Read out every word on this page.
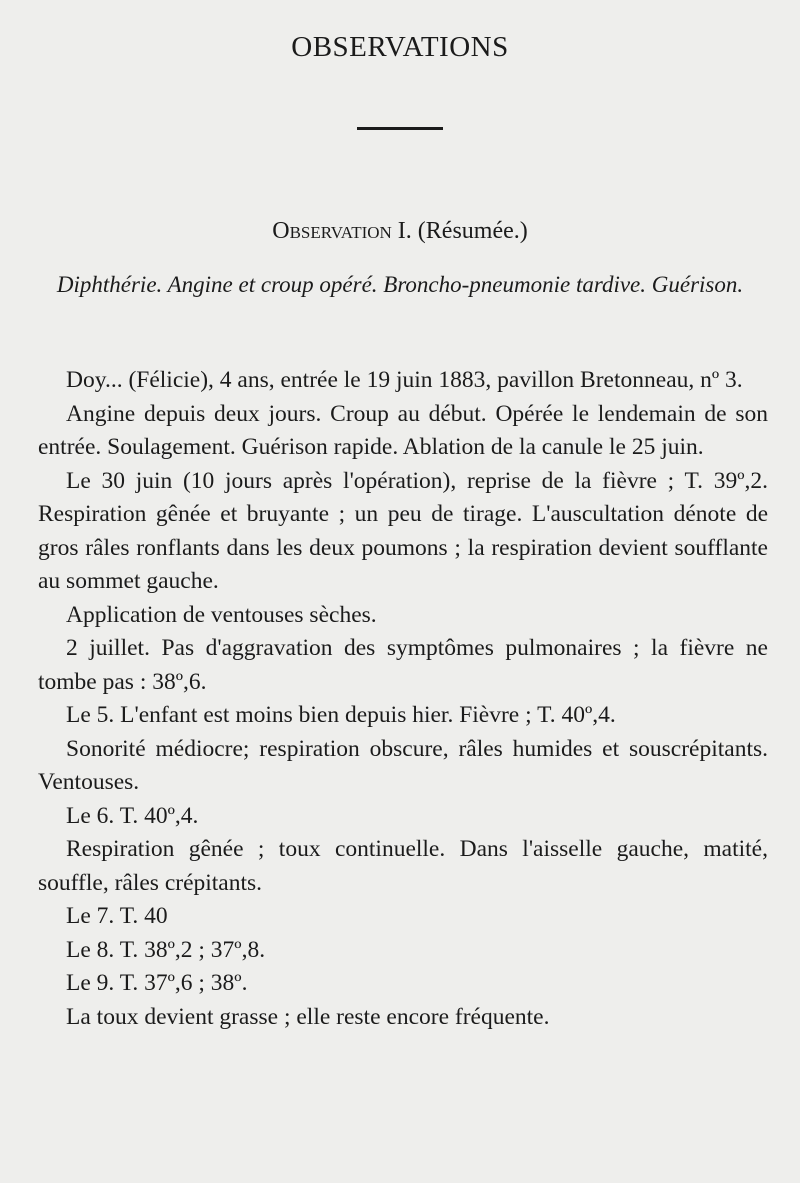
OBSERVATIONS
Observation I. (Résumée.)

Diphthérie. Angine et croup opéré. Broncho-pneumonie tardive. Guérison.

Doy... (Félicie), 4 ans, entrée le 19 juin 1883, pavillon Bretonneau, nº 3.

Angine depuis deux jours. Croup au début. Opérée le lendemain de son entrée. Soulagement. Guérison rapide. Ablation de la canule le 25 juin.

Le 30 juin (10 jours après l'opération), reprise de la fièvre ; T. 39º,2. Respiration gênée et bruyante ; un peu de tirage. L'auscultation dénote de gros râles ronflants dans les deux poumons ; la respiration devient soufflante au sommet gauche.

Application de ventouses sèches.

2 juillet. Pas d'aggravation des symptômes pulmonaires ; la fièvre ne tombe pas : 38º,6.

Le 5. L'enfant est moins bien depuis hier. Fièvre ; T. 40º,4.

Sonorité médiocre; respiration obscure, râles humides et souscrépitants. Ventouses.

Le 6. T. 40º,4.

Respiration gênée ; toux continuelle. Dans l'aisselle gauche, matité, souffle, râles crépitants.

Le 7. T. 40

Le 8. T. 38º,2 ; 37º,8.

Le 9. T. 37º,6 ; 38º.

La toux devient grasse ; elle reste encore fréquente.
